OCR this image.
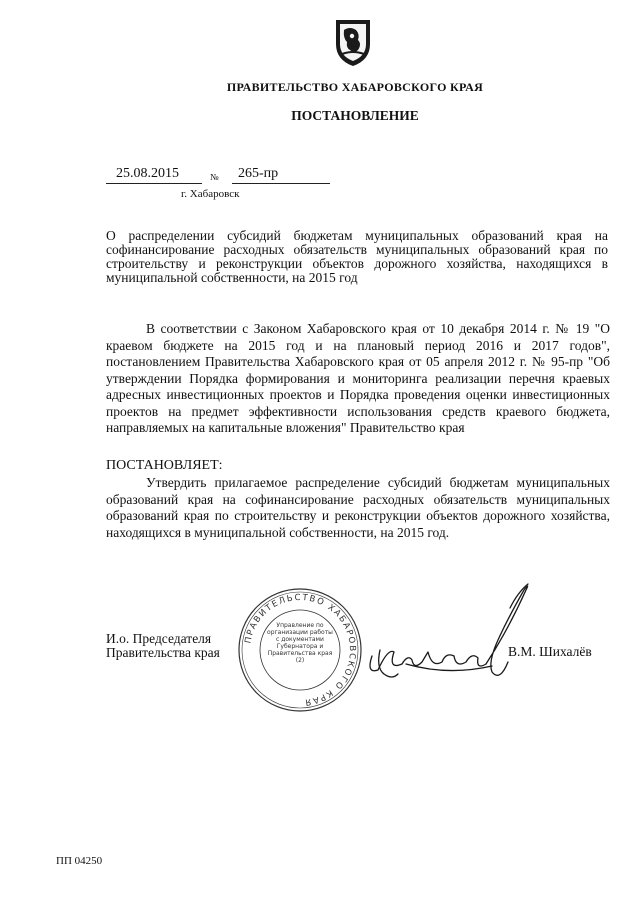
ПРАВИТЕЛЬСТВО ХАБАРОВСКОГО КРАЯ
ПОСТАНОВЛЕНИЕ
25.08.2015	№ 265-пр
г. Хабаровск
О распределении субсидий бюджетам муниципальных образований края на софинансирование расходных обязательств муниципальных образований края по строительству и реконструкции объектов дорожного хозяйства, находящихся в муниципальной собственности, на 2015 год
В соответствии с Законом Хабаровского края от 10 декабря 2014 г. № 19 "О краевом бюджете на 2015 год и на плановый период 2016 и 2017 годов", постановлением Правительства Хабаровского края от 05 апреля 2012 г. № 95-пр "Об утверждении Порядка формирования и мониторинга реализации перечня краевых адресных инвестиционных проектов и Порядка проведения оценки инвестиционных проектов на предмет эффективности использования средств краевого бюджета, направляемых на капитальные вложения" Правительство края
ПОСТАНОВЛЯЕТ:
Утвердить прилагаемое распределение субсидий бюджетам муниципальных образований края на софинансирование расходных обязательств муниципальных образований края по строительству и реконструкции объектов дорожного хозяйства, находящихся в муниципальной собственности, на 2015 год.
И.о. Председателя
Правительства края
ПРАВИТЕЛЬСТВО ХАБАРОВСКОГО КРАЯ
Управление по организации работы с документами Губернатора и Правительства края (2)
В.М. Шихалёв
ПП 04250
